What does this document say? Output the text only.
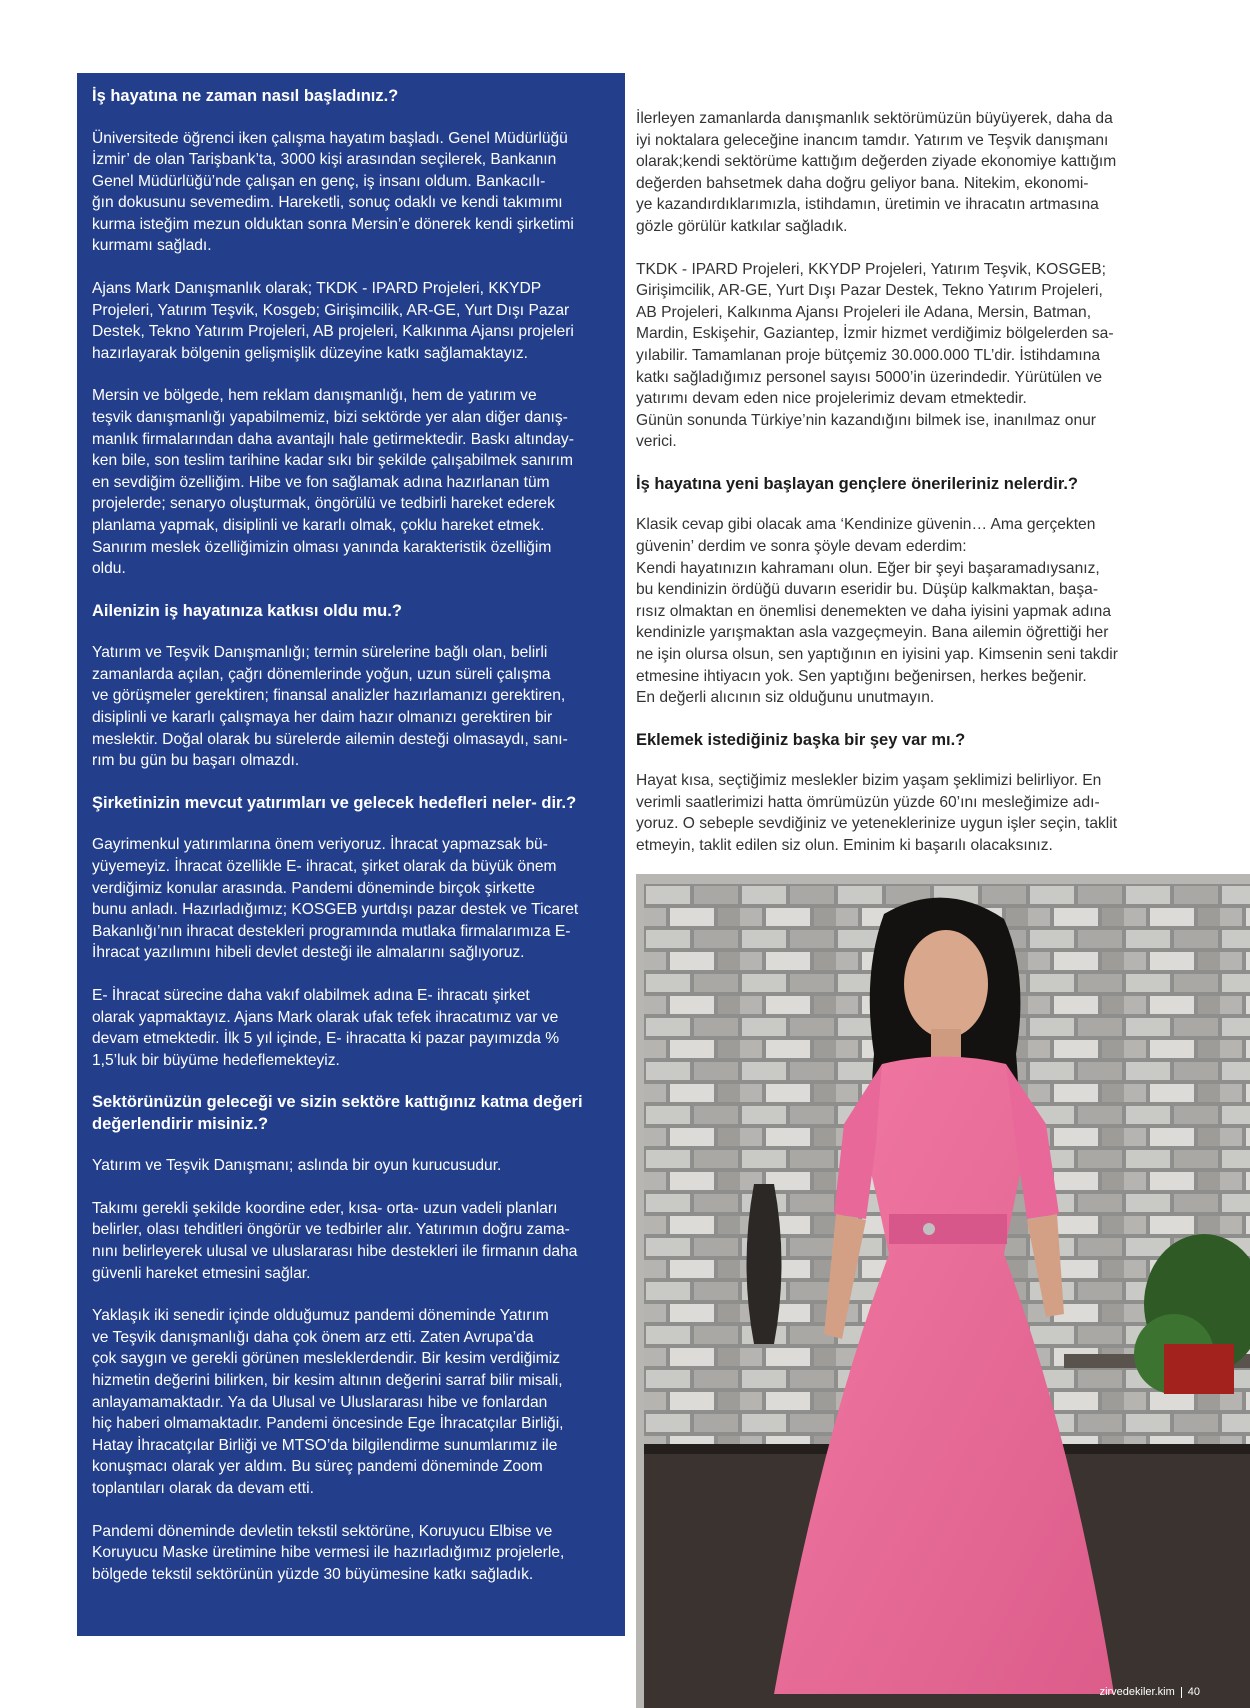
İş hayatına ne zaman nasıl başladınız.?
Üniversitede öğrenci iken çalışma hayatım başladı. Genel Müdürlüğü
İzmir’ de olan Tarişbank’ta, 3000 kişi arasından seçilerek, Bankanın
Genel Müdürlüğü’nde çalışan en genç, iş insanı oldum. Bankacılı-
ğın dokusunu sevemedim. Hareketli, sonuç odaklı ve kendi takımımı
kurma isteğim mezun olduktan sonra Mersin’e dönerek kendi şirketimi
kurmamı sağladı.
Ajans Mark Danışmanlık olarak; TKDK - IPARD Projeleri, KKYDP
Projeleri, Yatırım Teşvik, Kosgeb; Girişimcilik, AR-GE, Yurt Dışı Pazar
Destek, Tekno Yatırım Projeleri, AB projeleri, Kalkınma Ajansı projeleri
hazırlayarak bölgenin gelişmişlik düzeyine katkı sağlamaktayız.
Mersin ve bölgede, hem reklam danışmanlığı, hem de yatırım ve
teşvik danışmanlığı yapabilmemiz, bizi sektörde yer alan diğer danış-
manlık firmalarından daha avantajlı hale getirmektedir. Baskı altınday-
ken bile, son teslim tarihine kadar sıkı bir şekilde çalışabilmek sanırım
en sevdiğim özelliğim. Hibe ve fon sağlamak adına hazırlanan tüm
projelerde; senaryo oluşturmak, öngörülü ve tedbirli hareket ederek
planlama yapmak, disiplinli ve kararlı olmak, çoklu hareket etmek.
Sanırım meslek özelliğimizin olması yanında karakteristik özelliğim
oldu.
Ailenizin iş hayatınıza katkısı oldu mu.?
Yatırım ve Teşvik Danışmanlığı; termin sürelerine bağlı olan, belirli
zamanlarda açılan, çağrı dönemlerinde yoğun, uzun süreli çalışma
ve görüşmeler gerektiren; finansal analizler hazırlamanızı gerektiren,
disiplinli ve kararlı çalışmaya her daim hazır olmanızı gerektiren bir
meslektir. Doğal olarak bu sürelerde ailemin desteği olmasaydı, sanı-
rım bu gün bu başarı olmazdı.
Şirketinizin mevcut yatırımları ve gelecek hedefleri neler- dir.?
Gayrimenkul yatırımlarına önem veriyoruz. İhracat yapmazsak bü-
yüyemeyiz. İhracat özellikle E- ihracat, şirket olarak da büyük önem
verdiğimiz konular arasında. Pandemi döneminde birçok şirkette
bunu anladı. Hazırladığımız; KOSGEB yurtdışı pazar destek ve Ticaret
Bakanlığı’nın ihracat destekleri programında mutlaka firmalarımıza E-
İhracat yazılımını hibeli devlet desteği ile almalarını sağlıyoruz.
E- İhracat sürecine daha vakıf olabilmek adına E- ihracatı şirket
olarak yapmaktayız. Ajans Mark olarak ufak tefek ihracatımız var ve
devam etmektedir. İlk 5 yıl içinde, E- ihracatta ki pazar payımızda %
1,5’luk bir büyüme hedeflemekteyiz.
Sektörünüzün geleceği ve sizin sektöre kattığınız katma değeri değerlendirir misiniz.?
Yatırım ve Teşvik Danışmanı; aslında bir oyun kurucusudur.
Takımı gerekli şekilde koordine eder, kısa- orta- uzun vadeli planları
belirler, olası tehditleri öngörür ve tedbirler alır. Yatırımın doğru zama-
nını belirleyerek ulusal ve uluslararası hibe destekleri ile firmanın daha
güvenli hareket etmesini sağlar.
Yaklaşık iki senedir içinde olduğumuz pandemi döneminde Yatırım
ve Teşvik danışmanlığı daha çok önem arz etti. Zaten Avrupa’da
çok saygın ve gerekli görünen mesleklerdendir. Bir kesim verdiğimiz
hizmetin değerini bilirken, bir kesim altının değerini sarraf bilir misali,
anlayamamaktadır. Ya da Ulusal ve Uluslararası hibe ve fonlardan
hiç haberi olmamaktadır. Pandemi öncesinde Ege İhracatçılar Birliği,
Hatay İhracatçılar Birliği ve MTSO’da bilgilendirme sunumlarımız ile
konuşmacı olarak yer aldım. Bu süreç pandemi döneminde Zoom
toplantıları olarak da devam etti.
Pandemi döneminde devletin tekstil sektörüne, Koruyucu Elbise ve
Koruyucu Maske üretimine hibe vermesi ile hazırladığımız projelerle,
bölgede tekstil sektörünün yüzde 30 büyümesine katkı sağladık.
İlerleyen zamanlarda danışmanlık sektörümüzün büyüyerek, daha da
iyi noktalara geleceğine inancım tamdır. Yatırım ve Teşvik danışmanı
olarak;kendi sektörüme kattığım değerden ziyade ekonomiye kattığım
değerden bahsetmek daha doğru geliyor bana. Nitekim, ekonomi-
ye kazandırdıklarımızla, istihdamın, üretimin ve ihracatın artmasına
gözle görülür katkılar sağladık.
TKDK - IPARD Projeleri, KKYDP Projeleri, Yatırım Teşvik, KOSGEB;
Girişimcilik, AR-GE, Yurt Dışı Pazar Destek, Tekno Yatırım Projeleri,
AB Projeleri, Kalkınma Ajansı Projeleri ile Adana, Mersin, Batman,
Mardin, Eskişehir, Gaziantep, İzmir hizmet verdiğimiz bölgelerden sa-
yılabilir. Tamamlanan proje bütçemiz 30.000.000 TL’dir. İstihdamına
katkı sağladığımız personel sayısı 5000’in üzerindedir. Yürütülen ve
yatırımı devam eden nice projelerimiz devam etmektedir.
Günün sonunda Türkiye’nin kazandığını bilmek ise, inanılmaz onur
verici.
İş hayatına yeni başlayan gençlere önerileriniz nelerdir.?
Klasik cevap gibi olacak ama ‘Kendinize güvenin… Ama gerçekten
güvenin’ derdim ve sonra şöyle devam ederdim:
Kendi hayatınızın kahramanı olun. Eğer bir şeyi başaramadıysanız,
bu kendinizin ördüğü duvarın eseridir bu. Düşüp kalkmaktan, başa-
rısız olmaktan en önemlisi denemekten ve daha iyisini yapmak adına
kendinizle yarışmaktan asla vazgeçmeyin. Bana ailemin öğrettiği her
ne işin olursa olsun, sen yaptığının en iyisini yap. Kimsenin seni takdir
etmesine ihtiyacın yok. Sen yaptığını beğenirsen, herkes beğenir.
En değerli alıcının siz olduğunu unutmayın.
Eklemek istediğiniz başka bir şey var mı.?
Hayat kısa, seçtiğimiz meslekler bizim yaşam şeklimizi belirliyor. En
verimli saatlerimizi hatta ömrümüzün yüzde 60’ını mesleğimize adı-
yoruz. O sebeple sevdiğiniz ve yeteneklerinize uygun işler seçin, taklit
etmeyin, taklit edilen siz olun. Eminim ki başarılı olacaksınız.
zirvedekiler.kim 40
